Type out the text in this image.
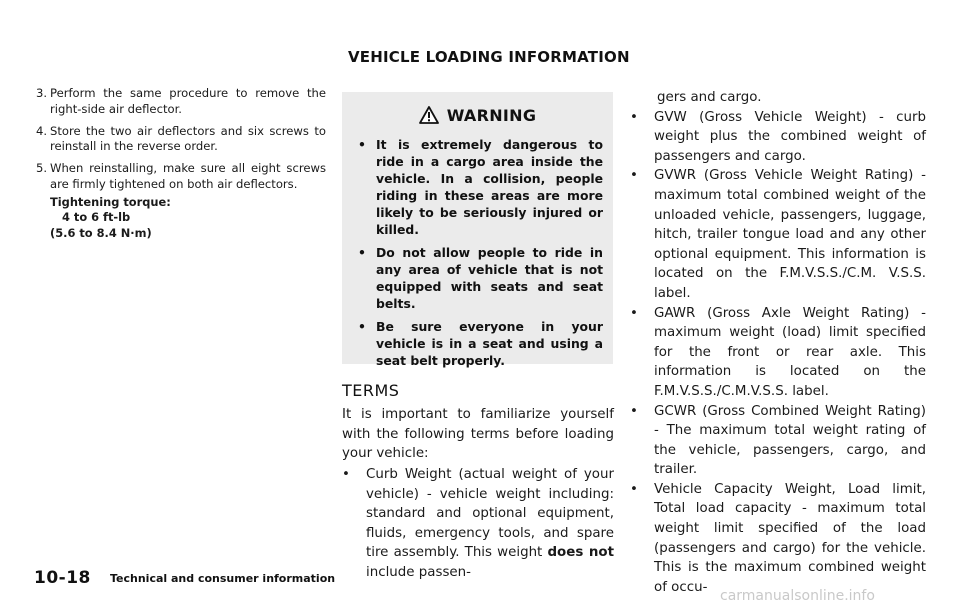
VEHICLE LOADING INFORMATION
3. Perform the same procedure to remove the right-side air deflector.
4. Store the two air deflectors and six screws to reinstall in the reverse order.
5. When reinstalling, make sure all eight screws are firmly tightened on both air deflectors.
Tightening torque:
4 to 6 ft-lb
(5.6 to 8.4 N·m)
WARNING
• It is extremely dangerous to ride in a cargo area inside the vehicle. In a collision, people riding in these areas are more likely to be seriously injured or killed.
• Do not allow people to ride in any area of vehicle that is not equipped with seats and seat belts.
• Be sure everyone in your vehicle is in a seat and using a seat belt properly.
TERMS
It is important to familiarize yourself with the following terms before loading your vehicle:
•	Curb Weight (actual weight of your vehicle) - vehicle weight including: standard and optional equipment, fluids, emergency tools, and spare tire assembly. This weight does not include passen-
gers and cargo.
•	GVW (Gross Vehicle Weight) - curb weight plus the combined weight of passengers and cargo.
•	GVWR (Gross Vehicle Weight Rating) - maximum total combined weight of the unloaded vehicle, passengers, luggage, hitch, trailer tongue load and any other optional equipment. This information is located on the F.M.V.S.S./C.M. V.S.S. label.
•	GAWR (Gross Axle Weight Rating) - maximum weight (load) limit specified for the front or rear axle. This information is located on the F.M.V.S.S./C.M.V.S.S. label.
•	GCWR (Gross Combined Weight Rating) - The maximum total weight rating of the vehicle, passengers, cargo, and trailer.
•	Vehicle Capacity Weight, Load limit, Total load capacity - maximum total weight limit specified of the load (passengers and cargo) for the vehicle. This is the maximum combined weight of occu-
10-18 Technical and consumer information
carmanualsonline.info
